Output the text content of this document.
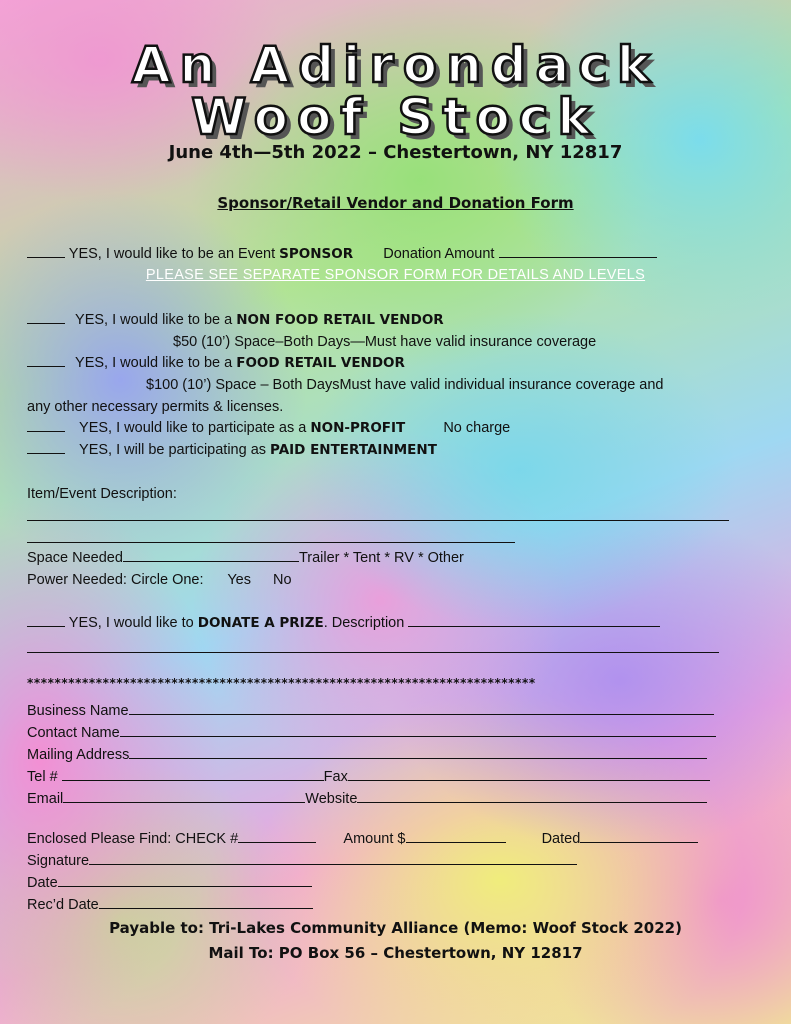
An Adirondack
Woof Stock
June 4th—5th 2022 – Chestertown, NY 12817
Sponsor/Retail Vendor and Donation Form
YES, I would like to be an Event SPONSOR Donation Amount
PLEASE SEE SEPARATE SPONSOR FORM FOR DETAILS AND LEVELS
YES, I would like to be a NON FOOD RETAIL VENDOR
$50 (10’) Space–Both Days—Must have valid insurance coverage
YES, I would like to be a FOOD RETAIL VENDOR
$100 (10’) Space – Both DaysMust have valid individual insurance coverage and
any other necessary permits & licenses.
YES, I would like to participate as a NON-PROFIT	No charge
YES, I will be participating as PAID ENTERTAINMENT
Item/Event Description:
Space Needed	Trailer * Tent * RV * Other
Power Needed: Circle One: Yes No
YES, I would like to DONATE A PRIZE. Description
**************************************************************************
Business Name
Contact Name
Mailing Address
Tel #	Fax
Email	Website
Enclosed Please Find: CHECK #	Amount $	Dated
Signature
Date
Rec’d Date
Payable to: Tri-Lakes Community Alliance (Memo: Woof Stock 2022)
Mail To: PO Box 56 – Chestertown, NY 12817
